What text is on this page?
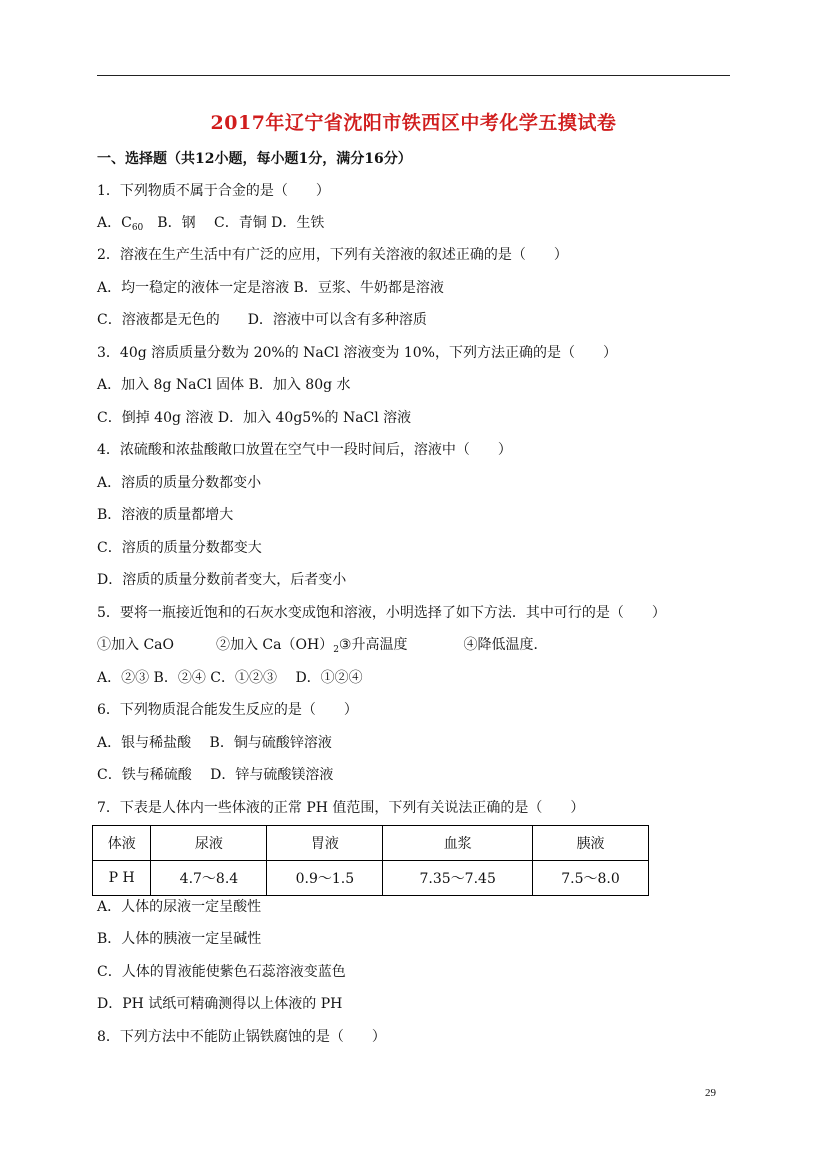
2017年辽宁省沈阳市铁西区中考化学五摸试卷
一、选择题（共12小题，每小题1分，满分16分）
1．下列物质不属于合金的是（　　）
A．$C_{60}$　B．钢　 C．青铜 D．生铁
2．溶液在生产生活中有广泛的应用，下列有关溶液的叙述正确的是（　　）
A．均一稳定的液体一定是溶液 B．豆浆、牛奶都是溶液
C．溶液都是无色的　　D．溶液中可以含有多种溶质
3．40g 溶质质量分数为 20%的 NaCl 溶液变为 10%，下列方法正确的是（　　）
A．加入 8g NaCl 固体 B．加入 80g 水
C．倒掉 40g 溶液 D．加入 40g5%的 NaCl 溶液
4．浓硫酸和浓盐酸敞口放置在空气中一段时间后，溶液中（　　）
A．溶质的质量分数都变小
B．溶液的质量都增大
C．溶质的质量分数都变大
D．溶质的质量分数前者变大，后者变小
5．要将一瓶接近饱和的石灰水变成饱和溶液，小明选择了如下方法．其中可行的是（　　）
①加入 CaO　　　②加入 $Ca(OH)_2③$升高温度　　　　④降低温度．
A．②③ B．②④ C．①②③　 D．①②④
6．下列物质混合能发生反应的是（　　）
A．银与稀盐酸　 B．铜与硫酸锌溶液
C．铁与稀硫酸　 D．锌与硫酸镁溶液
7．下表是人体内一些体液的正常 PH 值范围，下列有关说法正确的是（　　）
体液	尿液	胃液	血浆	胰液
P H	4.7～8.4	0.9～1.5	7.35～7.45	7.5～8.0
A．人体的尿液一定呈酸性
B．人体的胰液一定呈碱性
C．人体的胃液能使紫色石蕊溶液变蓝色
D．PH 试纸可精确测得以上体液的 PH
8．下列方法中不能防止锅铁腐蚀的是（　　）
29
